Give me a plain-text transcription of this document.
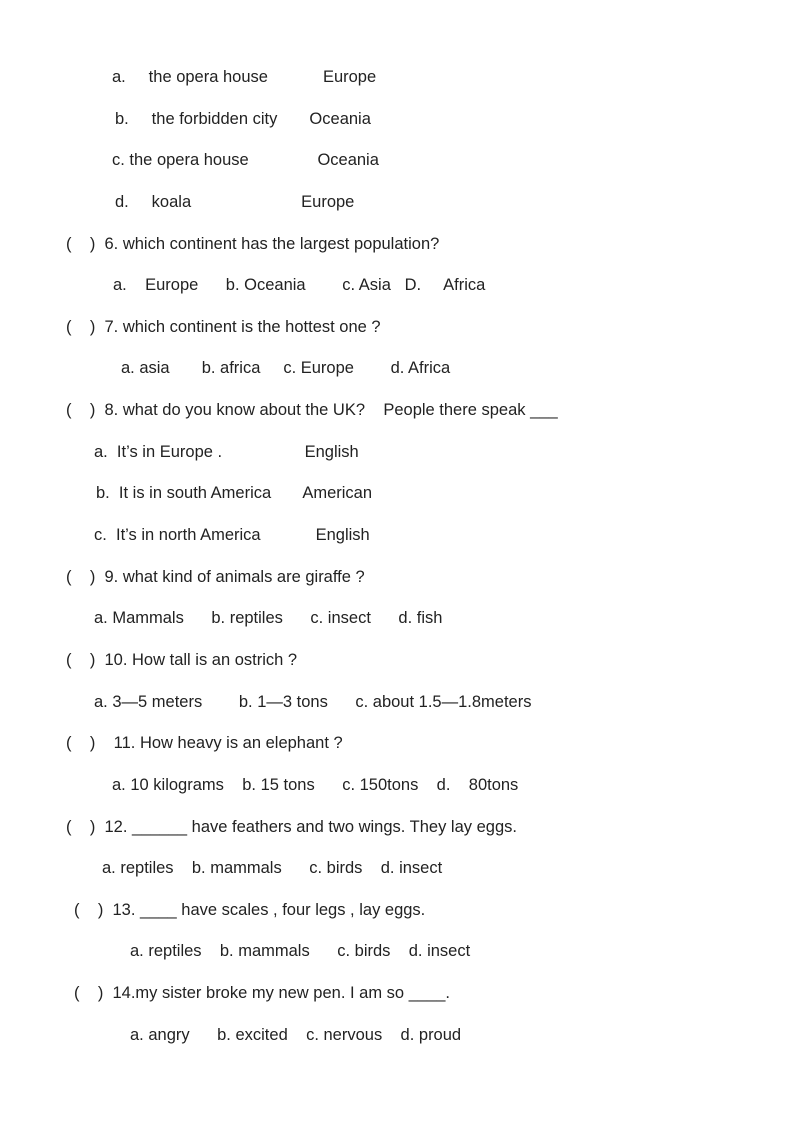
a.     the opera house            Europe
b.     the forbidden city       Oceania
c. the opera house               Oceania
d.     koala                        Europe
(    )  6. which continent has the largest population?
a.    Europe      b. Oceania        c. Asia   D.     Africa
(    )  7. which continent is the hottest one ?
a. asia       b. africa     c. Europe        d. Africa
(    )  8. what do you know about the UK?    People there speak ___
a.  It’s in Europe .                  English
b.  It is in south America       American
c.  It’s in north America            English
(    )  9. what kind of animals are giraffe ?
a. Mammals      b. reptiles      c. insect      d. fish
(    )  10. How tall is an ostrich ?
a. 3—5 meters        b. 1—3 tons      c. about 1.5—1.8meters
(    )    11. How heavy is an elephant ?
a. 10 kilograms    b. 15 tons      c. 150tons    d.    80tons
(    )  12. ______ have feathers and two wings. They lay eggs.
a. reptiles    b. mammals      c. birds    d. insect
(    )  13. ____ have scales , four legs , lay eggs.
a. reptiles    b. mammals      c. birds    d. insect
(    )  14.my sister broke my new pen. I am so ____.
a. angry      b. excited    c. nervous    d. proud
